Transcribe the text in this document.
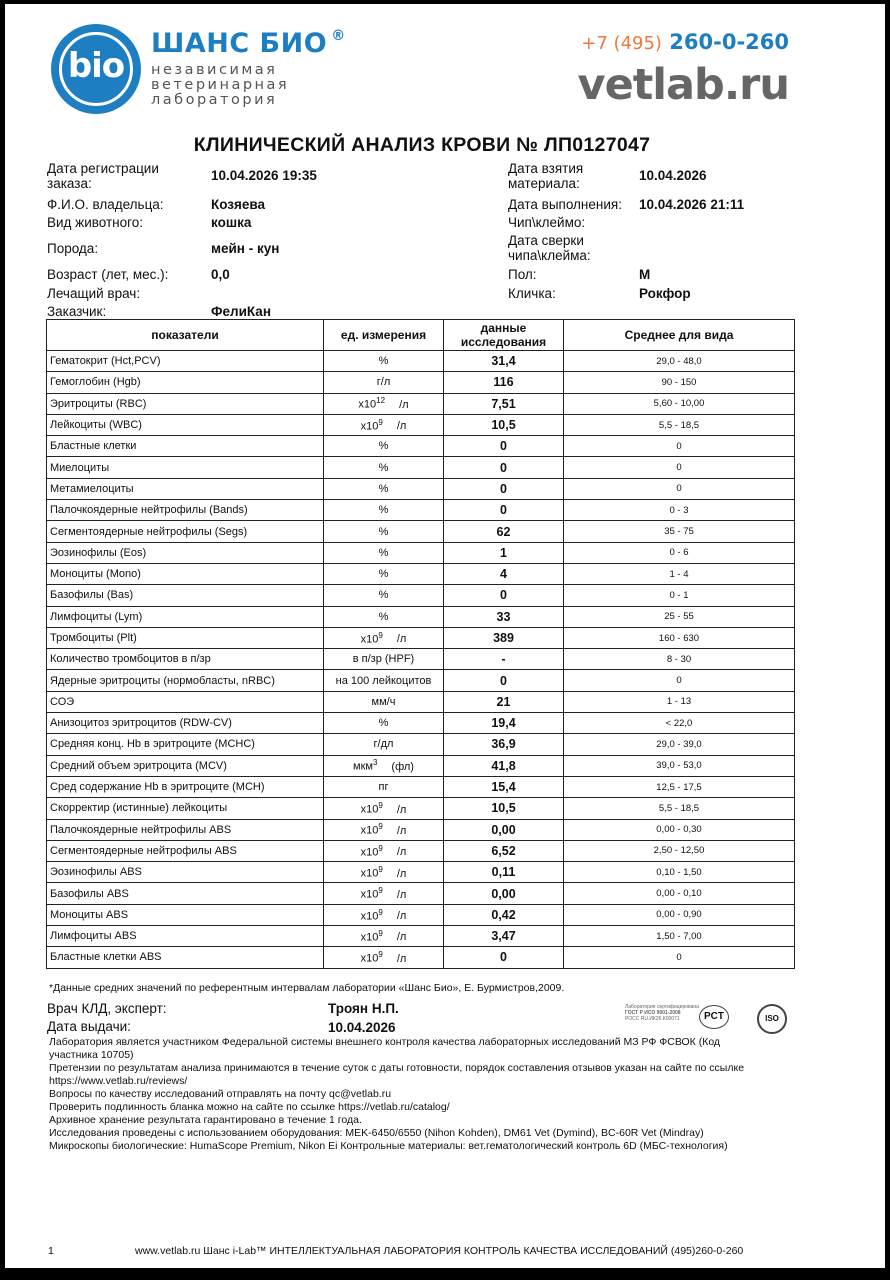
bio
ШАНС БИО ®
независимая
ветеринарная
лаборатория
+7 (495) 260-0-260
vetlab.ru
КЛИНИЧЕСКИЙ АНАЛИЗ КРОВИ № ЛП0127047
Дата регистрации
заказа:
10.04.2026 19:35
Ф.И.О. владельца:	Козяева
Вид животного:	кошка
Порода:	мейн - кун
Возраст (лет, мес.):	0,0
Лечащий врач:
Заказчик:	ФелиКан
Дата взятия
материала:
10.04.2026
Дата выполнения: 10.04.2026 21:11
Чип\клеймо:
Дата сверки
чипа\клейма:
Пол:	М
Кличка:	Рокфор
показатели	ед. измерения	данные
исследования	Среднее для вида
Гематокрит (Hct,PCV)	%	31,4	29,0 - 48,0
Гемоглобин (Hgb)	г/л	116	90 - 150
Эритроциты (RBC)	$x10^{12}$ /л	7,51	5,60 - 10,00
Лейкоциты (WBC)	$x10^9$ /л	10,5	5,5 - 18,5
Бластные клетки	%	0	0
Миелоциты	%	0	0
Метамиелоциты	%	0	0
Палочкоядерные нейтрофилы (Bands)	%	0	0 - 3
Сегментоядерные нейтрофилы (Segs)	%	62	35 - 75
Эозинофилы (Eos)	%	1	0 - 6
Моноциты (Mono)	%	4	1 - 4
Базофилы (Bas)	%	0	0 - 1
Лимфоциты (Lym)	%	33	25 - 55
Тромбоциты (Plt)	$x10^9$ /л	389	160 - 630
Количество тромбоцитов в п/зр	в п/зр (HPF)	-	8 - 30
Ядерные эритроциты (нормобласты, nRBC)	на 100 лейкоцитов	0	0
СОЭ	мм/ч	21	1 - 13
Анизоцитоз эритроцитов (RDW-CV)	%	19,4	< 22,0
Средняя конц. Hb в эритроците (MCHC)	г/дл	36,9	29,0 - 39,0
Средний объем эритроцита (MCV)	мкм$^3$ (фл)	41,8	39,0 - 53,0
Сред содержание Hb в эритроците (MCH)	пг	15,4	12,5 - 17,5
Скорректир (истинные) лейкоциты	$x10^9$ /л	10,5	5,5 - 18,5
Палочкоядерные нейтрофилы ABS	$x10^9$ /л	0,00	0,00 - 0,30
Сегментоядерные нейтрофилы ABS	$x10^9$ /л	6,52	2,50 - 12,50
Эозинофилы ABS	$x10^9$ /л	0,11	0,10 - 1,50
Базофилы ABS	$x10^9$ /л	0,00	0,00 - 0,10
Моноциты ABS	$x10^9$ /л	0,42	0,00 - 0,90
Лимфоциты ABS	$x10^9$ /л	3,47	1,50 - 7,00
Бластные клетки ABS	$x10^9$ /л	0	0
*Данные средних значений по референтным интервалам лаборатории «Шанс Био», Е. Бурмистров,2009.
Врач КЛД, эксперт:	Троян Н.П.
Дата выдачи:	10.04.2026
Лаборатория сертифицирована
ГОСТ Р ИСО 9001-2008
РОСС RU.ИК26.К00071	PCT	ISO
Лаборатория является участником Федеральной системы внешнего контроля качества лабораторных исследований МЗ РФ ФСВОК (Код
участника 10705)
Претензии по результатам анализа принимаются в течение суток с даты готовности, порядок составления отзывов указан на сайте по ссылке
https://www.vetlab.ru/reviews/
Вопросы по качеству исследований отправлять на почту qc@vetlab.ru
Проверить подлинность бланка можно на сайте по ссылке https://vetlab.ru/catalog/
Архивное хранение результата гарантировано в течение 1 года.
Исследования проведены с использованием оборудования: MEK-6450/6550 (Nihon Kohden), DM61 Vet (Dymind), BC-60R Vet (Mindray)
Микроскопы биологические: HumaScope Premium, Nikon Ei Контрольные материалы: вет.гематологический контроль 6D (МБС-технология)
1	www.vetlab.ru Шанс i-Lab™ ИНТЕЛЛЕКТУАЛЬНАЯ ЛАБОРАТОРИЯ КОНТРОЛЬ КАЧЕСТВА ИССЛЕДОВАНИЙ (495)260-0-260
